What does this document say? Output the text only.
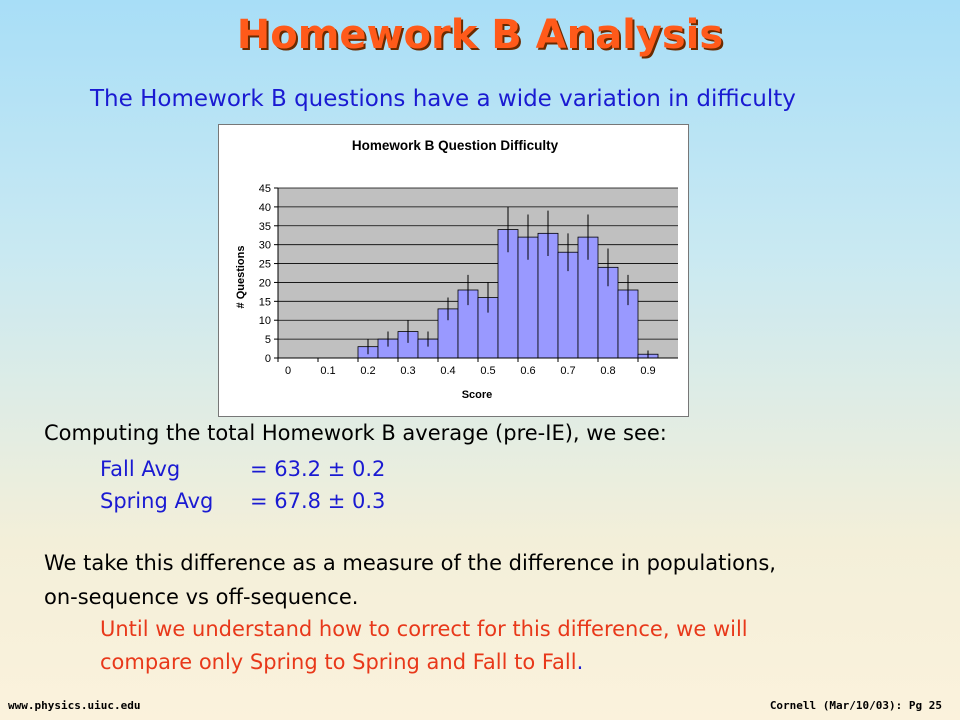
Homework B Analysis
The Homework B questions have a wide variation in difficulty
Homework B Question Difficulty
# Questions
Score
0
5
10
15
20
25
30
35
40
45
0	0.1 0.2 0.3 0.4 0.5 0.6 0.7 0.8 0.9
Computing the total Homework B average (pre-IE), we see:
Fall Avg	= 63.2 ± 0.2
Spring Avg = 67.8 ± 0.3
We take this difference as a measure of the difference in populations,
on-sequence vs off-sequence.
Until we understand how to correct for this difference, we will
compare only Spring to Spring and Fall to Fall.
www.physics.uiuc.edu	Cornell (Mar/10/03): Pg 25
